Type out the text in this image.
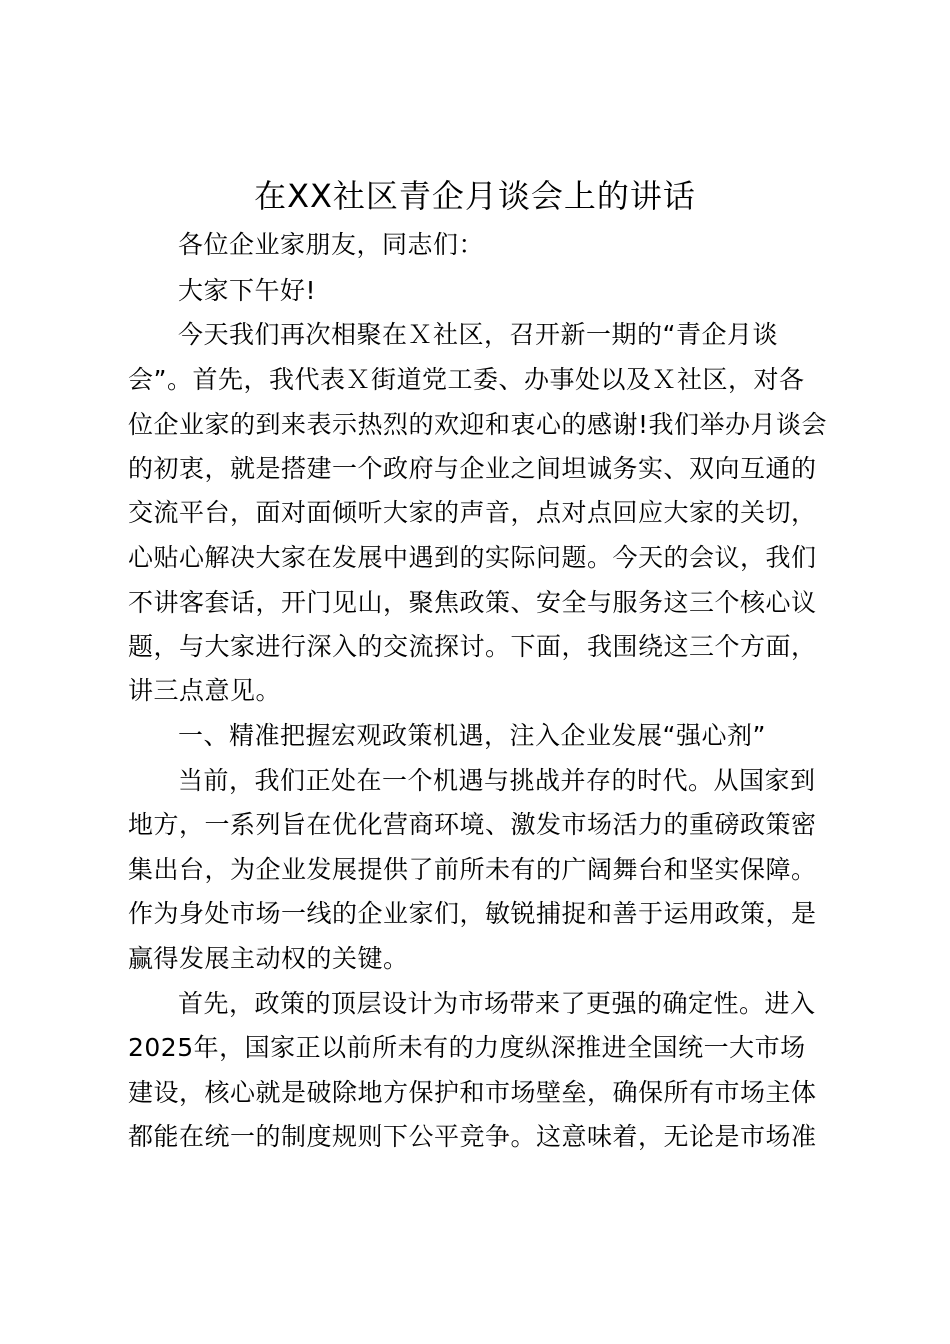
在XX社区青企月谈会上的讲话
各位企业家朋友，同志们：
大家下午好!
今天我们再次相聚在Ｘ社区，召开新一期的“青企月谈
会”。首先，我代表Ｘ街道党工委、办事处以及Ｘ社区，对各
位企业家的到来表示热烈的欢迎和衷心的感谢!我们举办月谈会
的初衷，就是搭建一个政府与企业之间坦诚务实、双向互通的
交流平台，面对面倾听大家的声音，点对点回应大家的关切，
心贴心解决大家在发展中遇到的实际问题。今天的会议，我们
不讲客套话，开门见山，聚焦政策、安全与服务这三个核心议
题，与大家进行深入的交流探讨。下面，我围绕这三个方面，
讲三点意见。
一、精准把握宏观政策机遇，注入企业发展“强心剂”
当前，我们正处在一个机遇与挑战并存的时代。从国家到
地方，一系列旨在优化营商环境、激发市场活力的重磅政策密
集出台，为企业发展提供了前所未有的广阔舞台和坚实保障。
作为身处市场一线的企业家们，敏锐捕捉和善于运用政策，是
赢得发展主动权的关键。
首先，政策的顶层设计为市场带来了更强的确定性。进入
2025年，国家正以前所未有的力度纵深推进全国统一大市场
建设，核心就是破除地方保护和市场壁垒，确保所有市场主体
都能在统一的制度规则下公平竞争。这意味着，无论是市场准
